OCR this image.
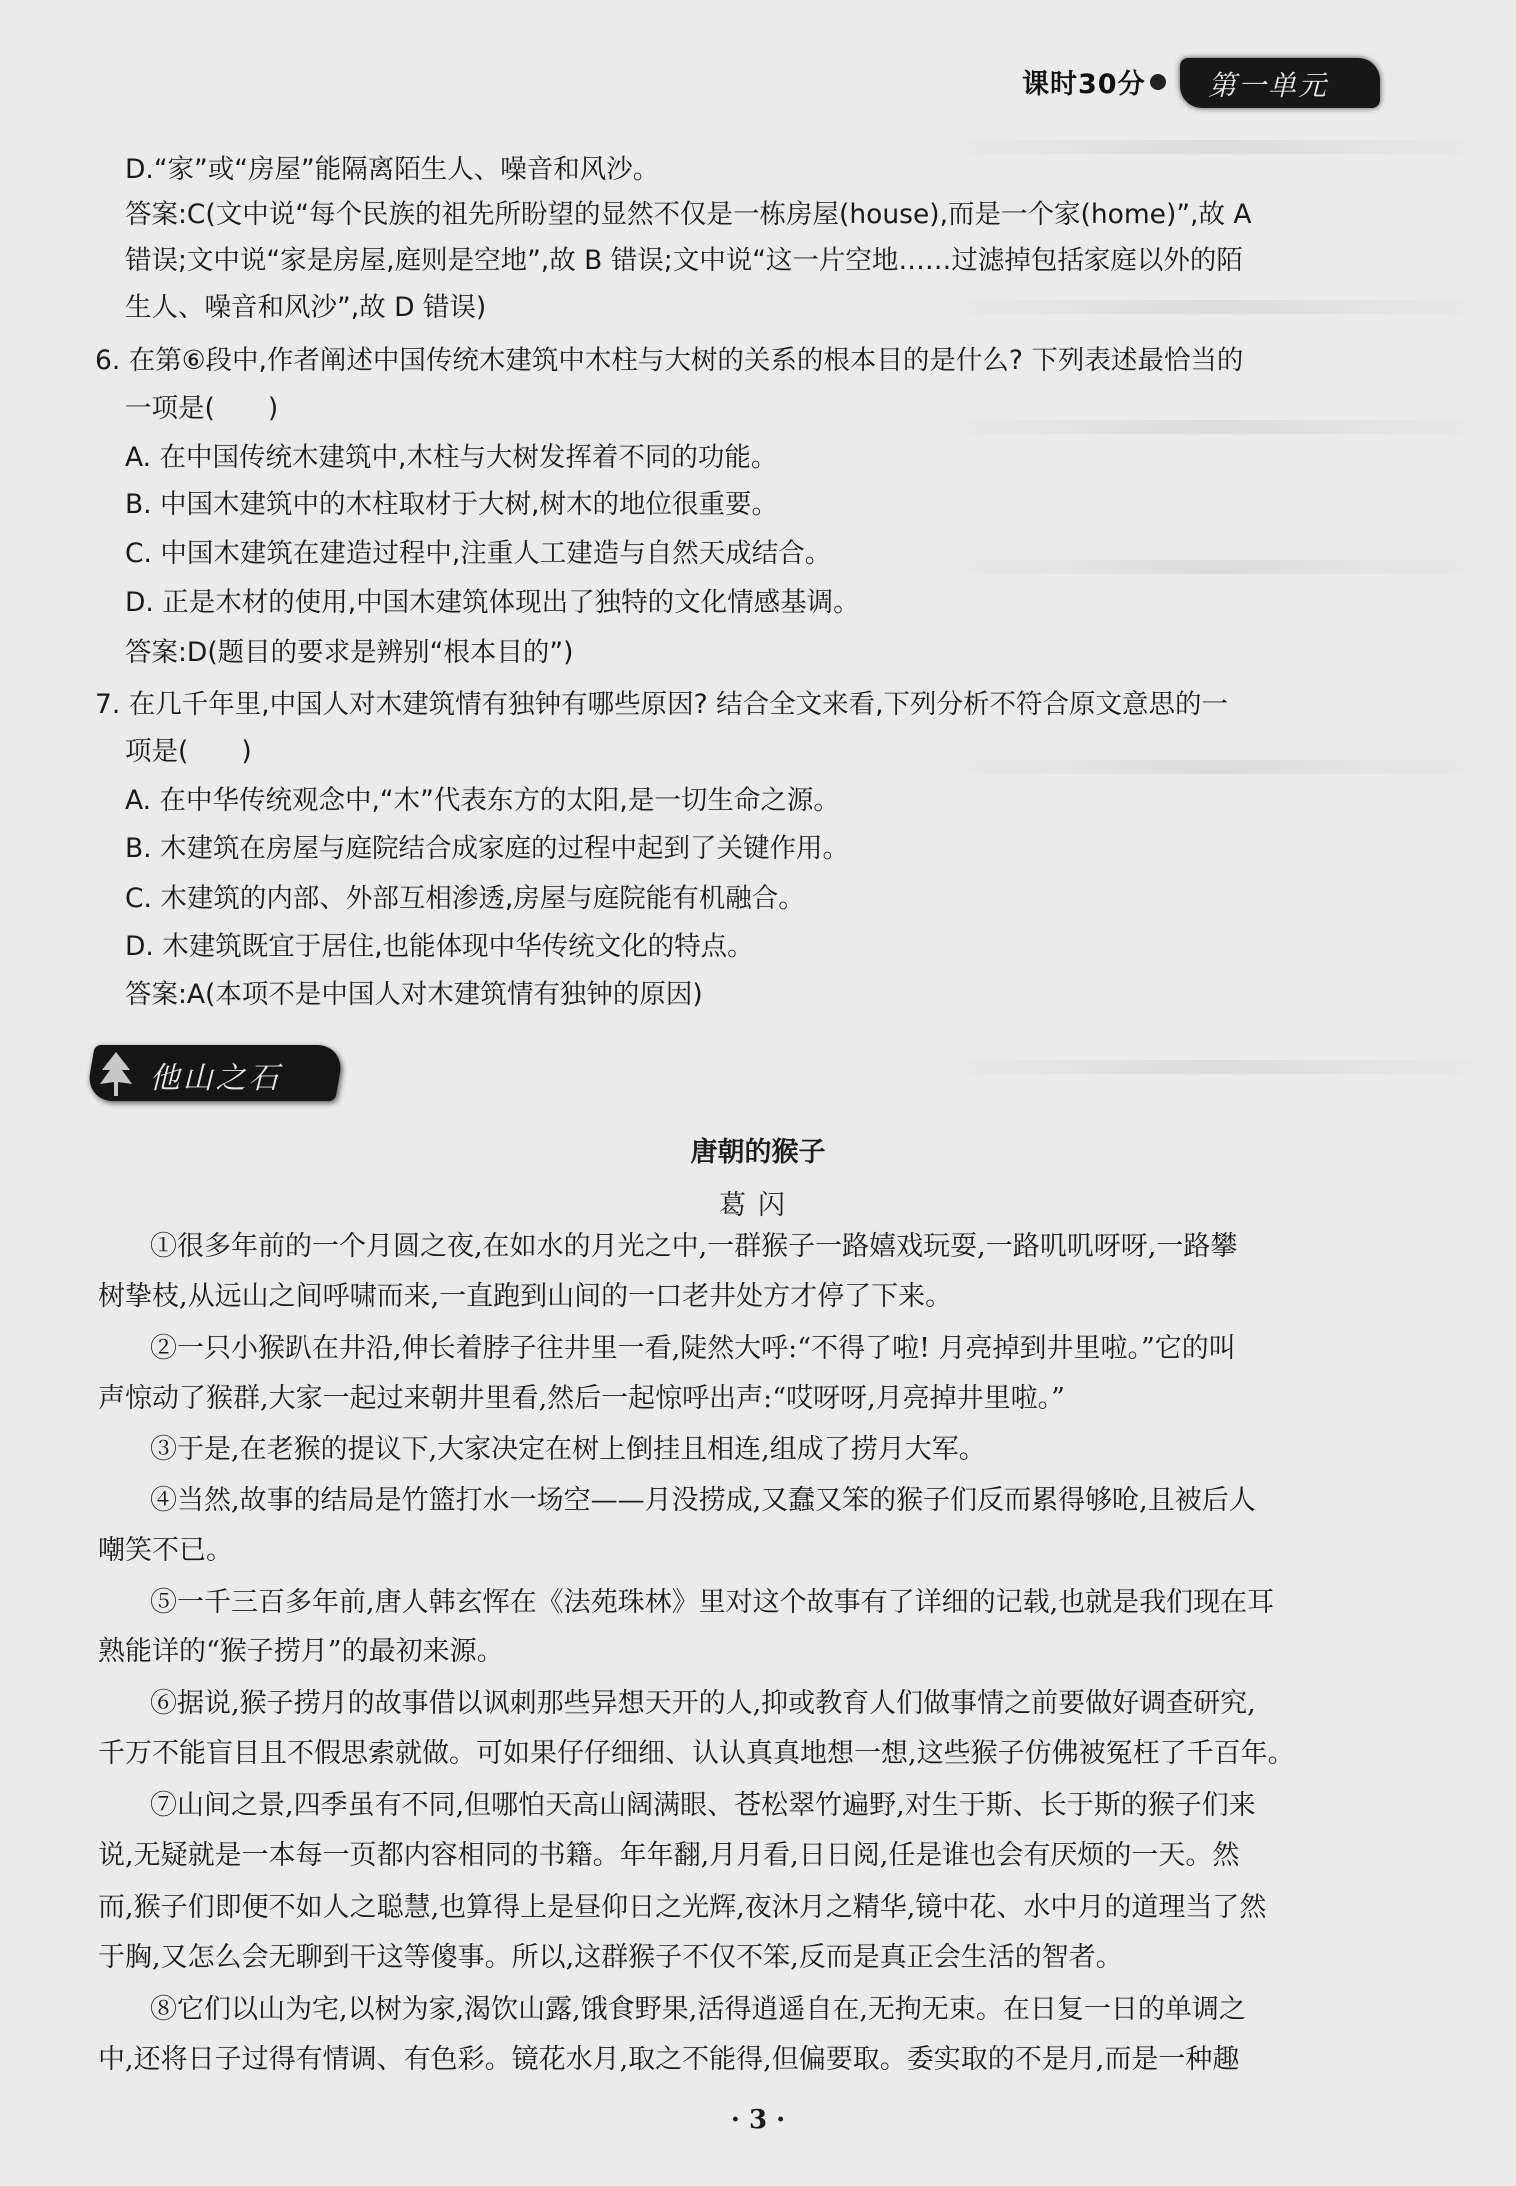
课时30分 第一单元
D.“家”或“房屋”能隔离陌生人、噪音和风沙。
答案:C(文中说“每个民族的祖先所盼望的显然不仅是一栋房屋(house),而是一个家(home)”,故 A
错误;文中说“家是房屋,庭则是空地”,故 B 错误;文中说“这一片空地……过滤掉包括家庭以外的陌
生人、噪音和风沙”,故 D 错误)
6. 在第⑥段中,作者阐述中国传统木建筑中木柱与大树的关系的根本目的是什么? 下列表述最恰当的
一项是(　　)
A. 在中国传统木建筑中,木柱与大树发挥着不同的功能。
B. 中国木建筑中的木柱取材于大树,树木的地位很重要。
C. 中国木建筑在建造过程中,注重人工建造与自然天成结合。
D. 正是木材的使用,中国木建筑体现出了独特的文化情感基调。
答案:D(题目的要求是辨别“根本目的”)
7. 在几千年里,中国人对木建筑情有独钟有哪些原因? 结合全文来看,下列分析不符合原文意思的一
项是(　　)
A. 在中华传统观念中,“木”代表东方的太阳,是一切生命之源。
B. 木建筑在房屋与庭院结合成家庭的过程中起到了关键作用。
C. 木建筑的内部、外部互相渗透,房屋与庭院能有机融合。
D. 木建筑既宜于居住,也能体现中华传统文化的特点。
答案:A(本项不是中国人对木建筑情有独钟的原因)
他山之石
唐朝的猴子
葛闪
①很多年前的一个月圆之夜,在如水的月光之中,一群猴子一路嬉戏玩耍,一路叽叽呀呀,一路攀
树挚枝,从远山之间呼啸而来,一直跑到山间的一口老井处方才停了下来。
②一只小猴趴在井沿,伸长着脖子往井里一看,陡然大呼:“不得了啦! 月亮掉到井里啦。”它的叫
声惊动了猴群,大家一起过来朝井里看,然后一起惊呼出声:“哎呀呀,月亮掉井里啦。”
③于是,在老猴的提议下,大家决定在树上倒挂且相连,组成了捞月大军。
④当然,故事的结局是竹篮打水一场空——月没捞成,又蠢又笨的猴子们反而累得够呛,且被后人
嘲笑不已。
⑤一千三百多年前,唐人韩玄恽在《法苑珠林》里对这个故事有了详细的记载,也就是我们现在耳
熟能详的“猴子捞月”的最初来源。
⑥据说,猴子捞月的故事借以讽刺那些异想天开的人,抑或教育人们做事情之前要做好调查研究,
千万不能盲目且不假思索就做。可如果仔仔细细、认认真真地想一想,这些猴子仿佛被冤枉了千百年。
⑦山间之景,四季虽有不同,但哪怕天高山阔满眼、苍松翠竹遍野,对生于斯、长于斯的猴子们来
说,无疑就是一本每一页都内容相同的书籍。年年翻,月月看,日日阅,任是谁也会有厌烦的一天。然
而,猴子们即便不如人之聪慧,也算得上是昼仰日之光辉,夜沐月之精华,镜中花、水中月的道理当了然
于胸,又怎么会无聊到干这等傻事。所以,这群猴子不仅不笨,反而是真正会生活的智者。
⑧它们以山为宅,以树为家,渴饮山露,饿食野果,活得逍遥自在,无拘无束。在日复一日的单调之
中,还将日子过得有情调、有色彩。镜花水月,取之不能得,但偏要取。委实取的不是月,而是一种趣
· 3 ·
